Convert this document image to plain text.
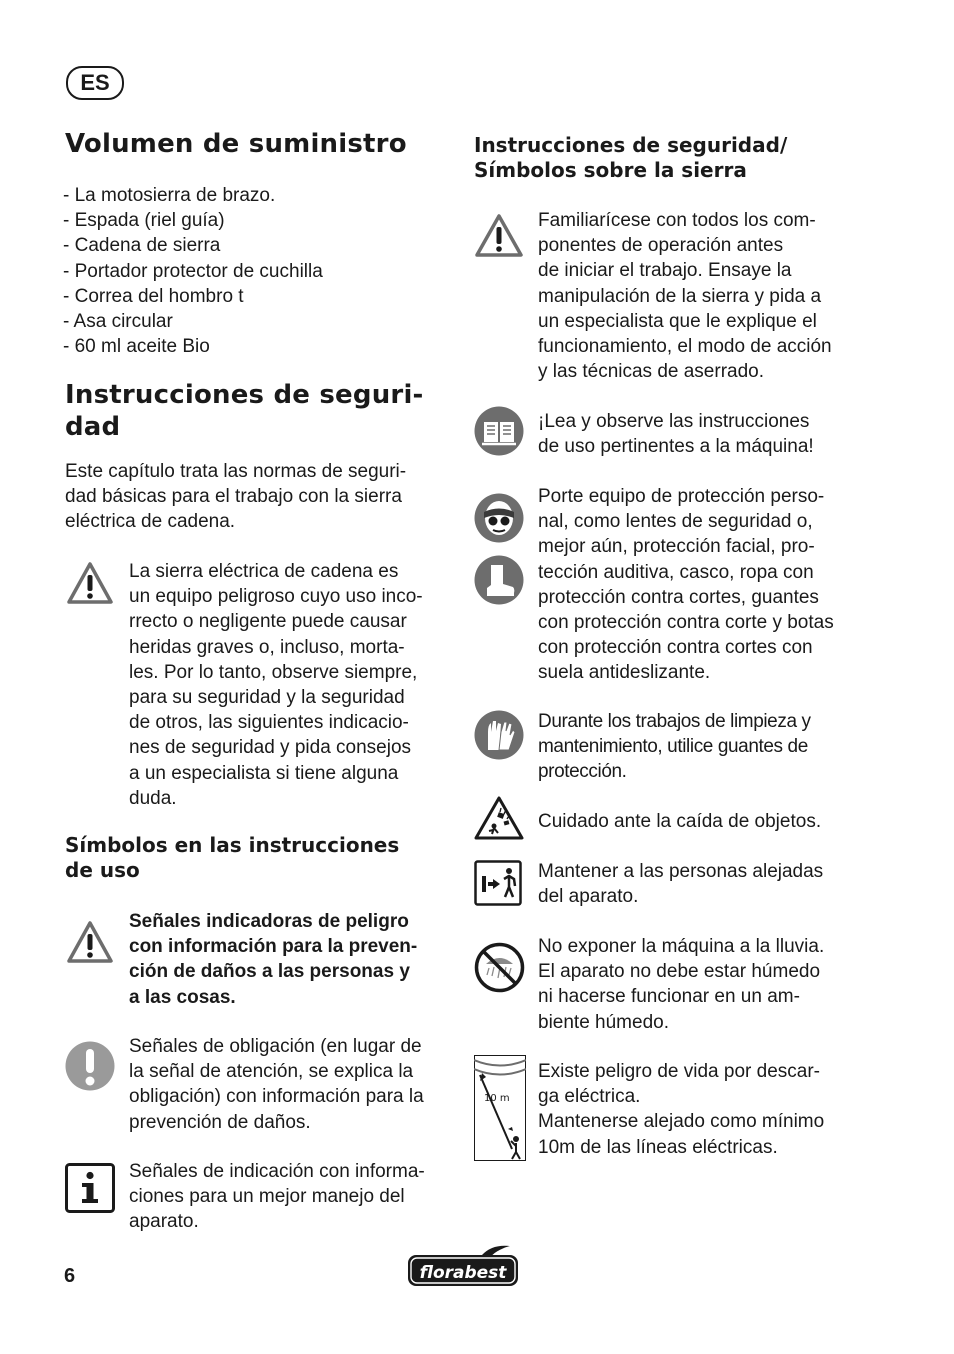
ES
Volumen de suministro
- La motosierra de brazo.
- Espada (riel guía)
- Cadena de sierra
- Portador protector de cuchilla
- Correa del hombro t
- Asa circular
- 60 ml aceite Bio
Instrucciones de seguri-
dad
Este capítulo trata las normas de seguri-
dad básicas para el trabajo con la sierra
eléctrica de cadena.
La sierra eléctrica de cadena es
un equipo peligroso cuyo uso inco-
rrecto o negligente puede causar
heridas graves o, incluso, morta-
les. Por lo tanto, observe siempre,
para su seguridad y la seguridad
de otros, las siguientes indicacio-
nes de seguridad y pida consejos
a un especialista si tiene alguna
duda.
Símbolos en las instrucciones
de uso
Señales indicadoras de peligro
con información para la preven-
ción de daños a las personas y
a las cosas.
Señales de obligación (en lugar de
la señal de atención, se explica la
obligación) con información para la
prevención de daños.
Señales de indicación con informa-
ciones para un mejor manejo del
aparato.
Instrucciones de seguridad/
Símbolos sobre la sierra
Familiarícese con todos los com-
ponentes de operación antes
de iniciar el trabajo. Ensaye la
manipulación de la sierra y pida a
un especialista que le explique el
funcionamiento, el modo de acción
y las técnicas de aserrado.
¡Lea y observe las instrucciones
de uso pertinentes a la máquina!
Porte equipo de protección perso-
nal, como lentes de seguridad o,
mejor aún, protección facial, pro-
tección auditiva, casco, ropa con
protección contra cortes, guantes
con protección contra corte y botas
con protección contra cortes con
suela antideslizante.
Durante los trabajos de limpieza y
mantenimiento, utilice guantes de
protección.
Cuidado ante la caída de objetos.
Mantener a las personas alejadas
del aparato.
No exponer la máquina a la lluvia.
El aparato no debe estar húmedo
ni hacerse funcionar en un am-
biente húmedo.
10 m
Existe peligro de vida por descar-
ga eléctrica.
Mantenerse alejado como mínimo
10m de las líneas eléctricas.
6	florabest
